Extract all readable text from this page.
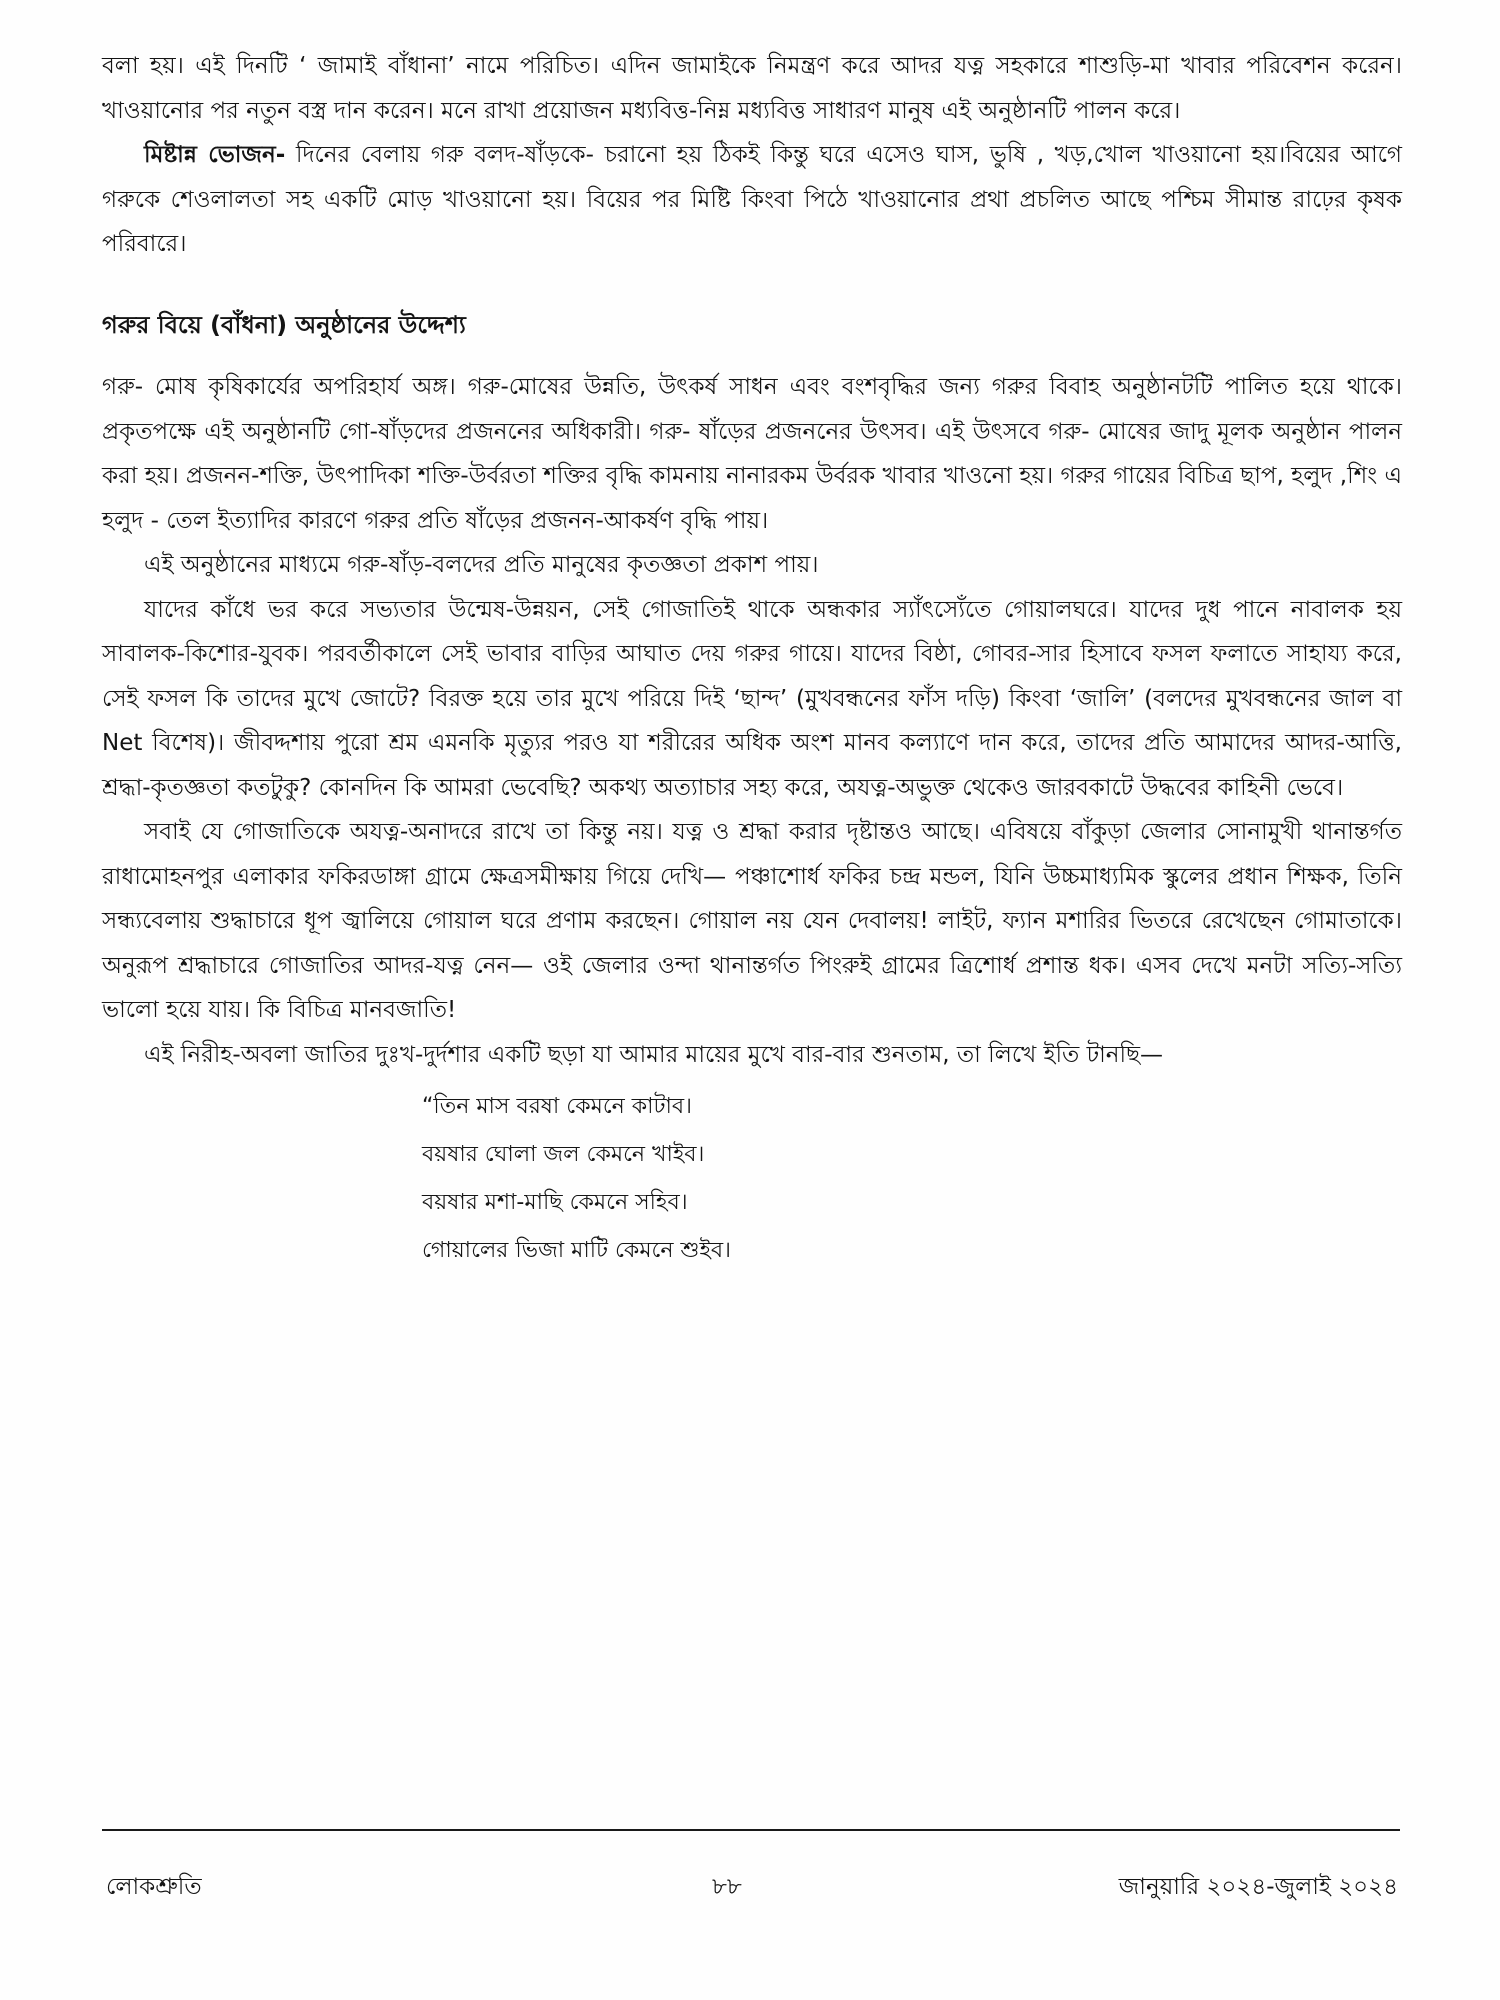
বলা হয়। এই দিনটি ‘ জামাই বাঁধানা’ নামে পরিচিত। এদিন জামাইকে নিমন্ত্রণ করে আদর যত্ন সহকারে শাশুড়ি-মা খাবার পরিবেশন করেন। খাওয়ানোর পর নতুন বস্ত্র দান করেন। মনে রাখা প্রয়োজন মধ্যবিত্ত-নিম্ন মধ্যবিত্ত সাধারণ মানুষ এই অনুষ্ঠানটি পালন করে।

মিষ্টান্ন ভোজন- দিনের বেলায় গরু বলদ-ষাঁড়কে- চরানো হয় ঠিকই কিন্তু ঘরে এসেও ঘাস, ভুষি , খড়,খোল খাওয়ানো হয়।বিয়ের আগে গরুকে শেওলালতা সহ একটি মোড় খাওয়ানো হয়। বিয়ের পর মিষ্টি কিংবা পিঠে খাওয়ানোর প্রথা প্রচলিত আছে পশ্চিম সীমান্ত রাঢ়ের কৃষক পরিবারে।

গরুর বিয়ে (বাঁধনা) অনুষ্ঠানের উদ্দেশ্য

গরু- মোষ কৃষিকার্যের অপরিহার্য অঙ্গ। গরু-মোষের উন্নতি, উৎকর্ষ সাধন এবং বংশবৃদ্ধির জন্য গরুর বিবাহ অনুষ্ঠানটটি পালিত হয়ে থাকে। প্রকৃতপক্ষে এই অনুষ্ঠানটি গো-ষাঁড়দের প্রজননের অধিকারী। গরু- ষাঁড়ের প্রজননের উৎসব। এই উৎসবে গরু- মোষের জাদু মূলক অনুষ্ঠান পালন করা হয়। প্রজনন-শক্তি, উৎপাদিকা শক্তি-উর্বরতা শক্তির বৃদ্ধি কামনায় নানারকম উর্বরক খাবার খাওনো হয়। গরুর গায়ের বিচিত্র ছাপ, হলুদ ,শিং এ হলুদ - তেল ইত্যাদির কারণে গরুর প্রতি ষাঁড়ের প্রজনন-আকর্ষণ বৃদ্ধি পায়।

এই অনুষ্ঠানের মাধ্যমে গরু-ষাঁড়-বলদের প্রতি মানুষের কৃতজ্ঞতা প্রকাশ পায়।

যাদের কাঁধে ভর করে সভ্যতার উন্মেষ-উন্নয়ন, সেই গোজাতিই থাকে অন্ধকার স্যাঁৎস্যেঁতে গোয়ালঘরে। যাদের দুধ পানে নাবালক হয় সাবালক-কিশোর-যুবক। পরবর্তীকালে সেই ভাবার বাড়ির আঘাত দেয় গরুর গায়ে। যাদের বিষ্ঠা, গোবর-সার হিসাবে ফসল ফলাতে সাহায্য করে, সেই ফসল কি তাদের মুখে জোটে? বিরক্ত হয়ে তার মুখে পরিয়ে দিই ‘ছান্দ’ (মুখবন্ধনের ফাঁস দড়ি) কিংবা ‘জালি’ (বলদের মুখবন্ধনের জাল বা Net বিশেষ)। জীবদ্দশায় পুরো শ্রম এমনকি মৃত্যুর পরও যা শরীরের অধিক অংশ মানব কল্যাণে দান করে, তাদের প্রতি আমাদের আদর-আত্তি, শ্রদ্ধা-কৃতজ্ঞতা কতটুকু? কোনদিন কি আমরা ভেবেছি? অকথ্য অত্যাচার সহ্য করে, অযত্ন-অভুক্ত থেকেও জারবকাটে উদ্ধবের কাহিনী ভেবে।

সবাই যে গোজাতিকে অযত্ন-অনাদরে রাখে তা কিন্তু নয়। যত্ন ও শ্রদ্ধা করার দৃষ্টান্তও আছে। এবিষয়ে বাঁকুড়া জেলার সোনামুখী থানান্তর্গত রাধামোহনপুর এলাকার ফকিরডাঙ্গা গ্রামে ক্ষেত্রসমীক্ষায় গিয়ে দেখি— পঞ্চাশোর্ধ ফকির চন্দ্র মন্ডল, যিনি উচ্চমাধ্যমিক স্কুলের প্রধান শিক্ষক, তিনি সন্ধ্যবেলায় শুদ্ধাচারে ধূপ জ্বালিয়ে গোয়াল ঘরে প্রণাম করছেন। গোয়াল নয় যেন দেবালয়! লাইট, ফ্যান মশারির ভিতরে রেখেছেন গোমাতাকে। অনুরূপ শ্রদ্ধাচারে গোজাতির আদর-যত্ন নেন— ওই জেলার ওন্দা থানান্তর্গত পিংরুই গ্রামের ত্রিশোর্ধ প্রশান্ত ধক। এসব দেখে মনটা সত্যি-সত্যি ভালো হয়ে যায়। কি বিচিত্র মানবজাতি!

এই নিরীহ-অবলা জাতির দুঃখ-দুর্দশার একটি ছড়া যা আমার মায়ের মুখে বার-বার শুনতাম, তা লিখে ইতি টানছি—

“তিন মাস বরষা কেমনে কাটাব।
বয়ষার ঘোলা জল কেমনে খাইব।
বয়ষার মশা-মাছি কেমনে সহিব।
গোয়ালের ভিজা মাটি কেমনে শুইব।
লোকশ্রুতি	৮৮	জানুয়ারি ২০২৪-জুলাই ২০২৪
